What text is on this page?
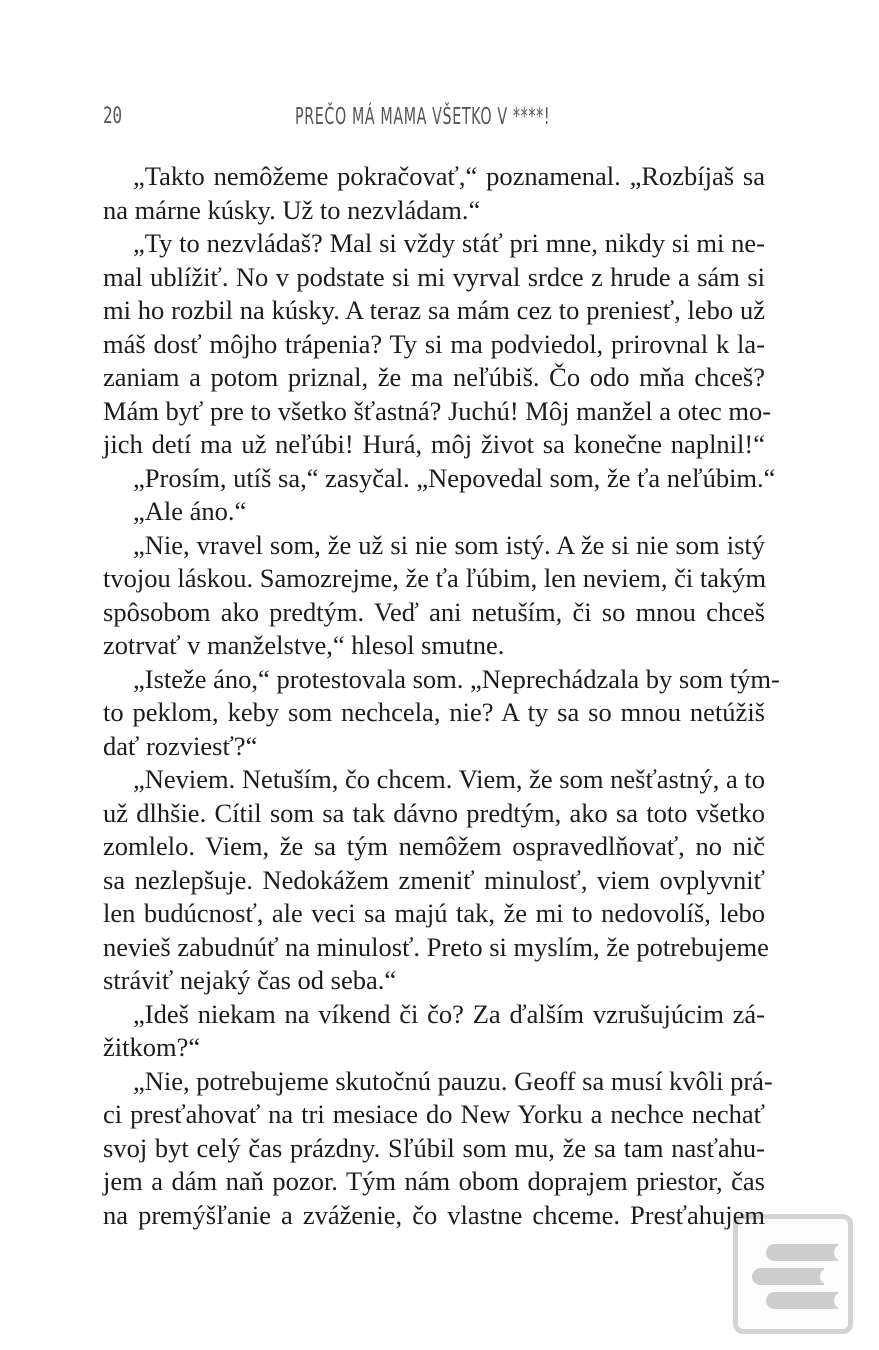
20	PREČO MÁ MAMA VŠETKO V ****!
„Takto nemôžeme pokračovať,“ poznamenal. „Rozbíjaš sa
na márne kúsky. Už to nezvládam.“
„Ty to nezvládaš? Mal si vždy stáť pri mne, nikdy si mi ne-
mal ublížiť. No v podstate si mi vyrval srdce z hrude a sám si
mi ho rozbil na kúsky. A teraz sa mám cez to preniesť, lebo už
máš dosť môjho trápenia? Ty si ma podviedol, prirovnal k la-
zaniam a potom priznal, že ma neľúbiš. Čo odo mňa chceš?
Mám byť pre to všetko šťastná? Juchú! Môj manžel a otec mo-
jich detí ma už neľúbi! Hurá, môj život sa konečne naplnil!“
„Prosím, utíš sa,“ zasyčal. „Nepovedal som, že ťa neľúbim.“
„Ale áno.“
„Nie, vravel som, že už si nie som istý. A že si nie som istý
tvojou láskou. Samozrejme, že ťa ľúbim, len neviem, či takým
spôsobom ako predtým. Veď ani netuším, či so mnou chceš
zotrvať v manželstve,“ hlesol smutne.
„Isteže áno,“ protestovala som. „Neprechádzala by som tým-
to peklom, keby som nechcela, nie? A ty sa so mnou netúžiš
dať rozviesť?“
„Neviem. Netuším, čo chcem. Viem, že som nešťastný, a to
už dlhšie. Cítil som sa tak dávno predtým, ako sa toto všetko
zomlelo. Viem, že sa tým nemôžem ospravedlňovať, no nič
sa nezlepšuje. Nedokážem zmeniť minulosť, viem ovplyvniť
len budúcnosť, ale veci sa majú tak, že mi to nedovolíš, lebo
nevieš zabudnúť na minulosť. Preto si myslím, že potrebujeme
stráviť nejaký čas od seba.“
„Ideš niekam na víkend či čo? Za ďalším vzrušujúcim zá-
žitkom?“
„Nie, potrebujeme skutočnú pauzu. Geoff sa musí kvôli prá-
ci presťahovať na tri mesiace do New Yorku a nechce nechať
svoj byt celý čas prázdny. Sľúbil som mu, že sa tam nasťahu-
jem a dám naň pozor. Tým nám obom doprajem priestor, čas
na premýšľanie a zváženie, čo vlastne chceme. Presťahujem
